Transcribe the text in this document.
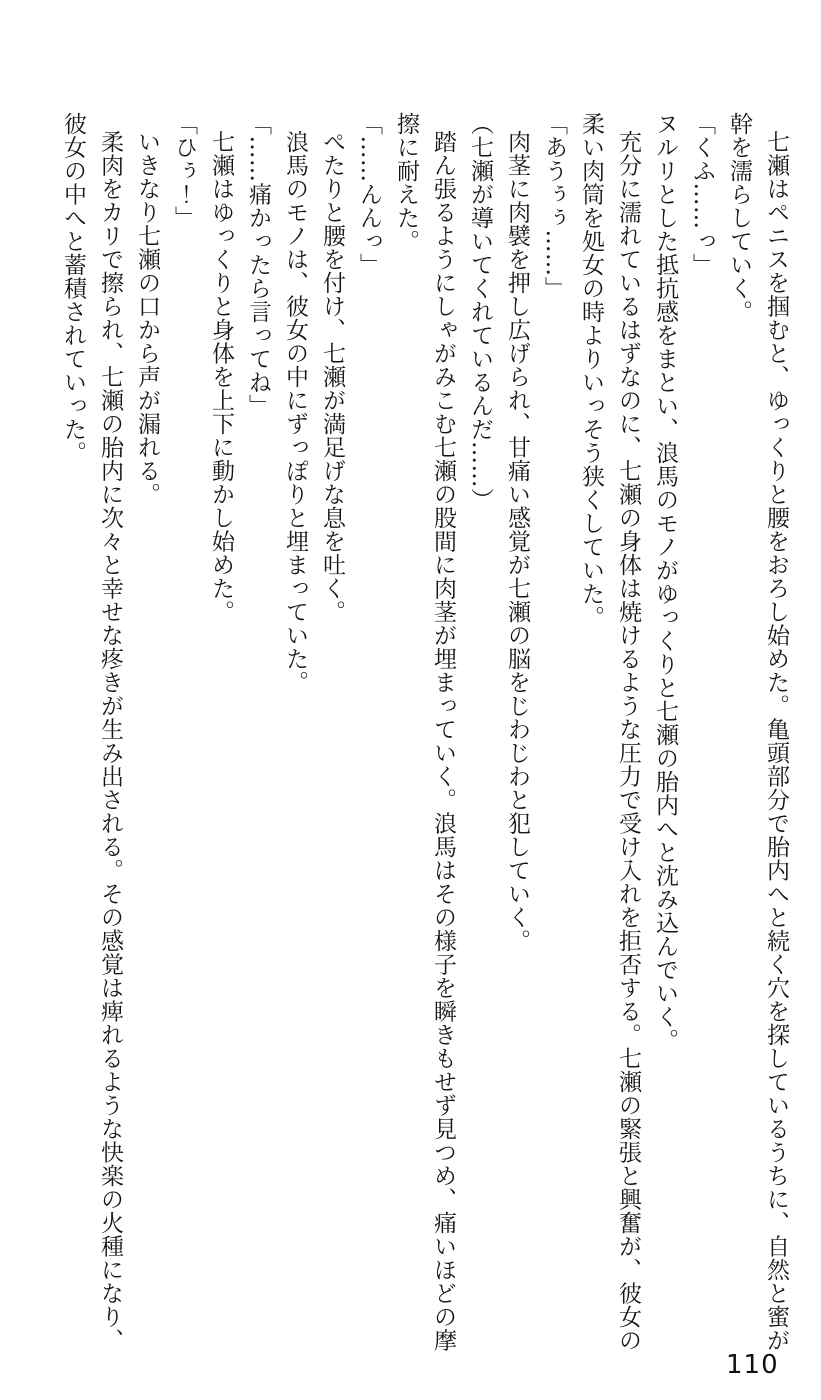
七瀬はペニスを掴むと、ゆっくりと腰をおろし始めた。亀頭部分で胎内へと続く穴を探しているうちに、自然と蜜が

幹を濡らしていく。

「くふ……っ」

ヌルリとした抵抗感をまとい、浪馬のモノがゆっくりと七瀬の胎内へと沈み込んでいく。

充分に濡れているはずなのに、七瀬の身体は焼けるような圧力で受け入れを拒否する。七瀬の緊張と興奮が、彼女の

柔い肉筒を処女の時よりいっそう狭くしていた。

「あうぅぅ……」

肉茎に肉襞を押し広げられ、甘痛い感覚が七瀬の脳をじわじわと犯していく。

（七瀬が導いてくれているんだ……）

踏ん張るようにしゃがみこむ七瀬の股間に肉茎が埋まっていく。浪馬はその様子を瞬きもせず見つめ、痛いほどの摩

擦に耐えた。

「……んんっ」

ぺたりと腰を付け、七瀬が満足げな息を吐く。

浪馬のモノは、彼女の中にずっぽりと埋まっていた。

「……痛かったら言ってね」

七瀬はゆっくりと身体を上下に動かし始めた。

「ひぅ！」

いきなり七瀬の口から声が漏れる。

柔肉をカリで擦られ、七瀬の胎内に次々と幸せな疼きが生み出される。その感覚は痺れるような快楽の火種になり、

彼女の中へと蓄積されていった。

110
